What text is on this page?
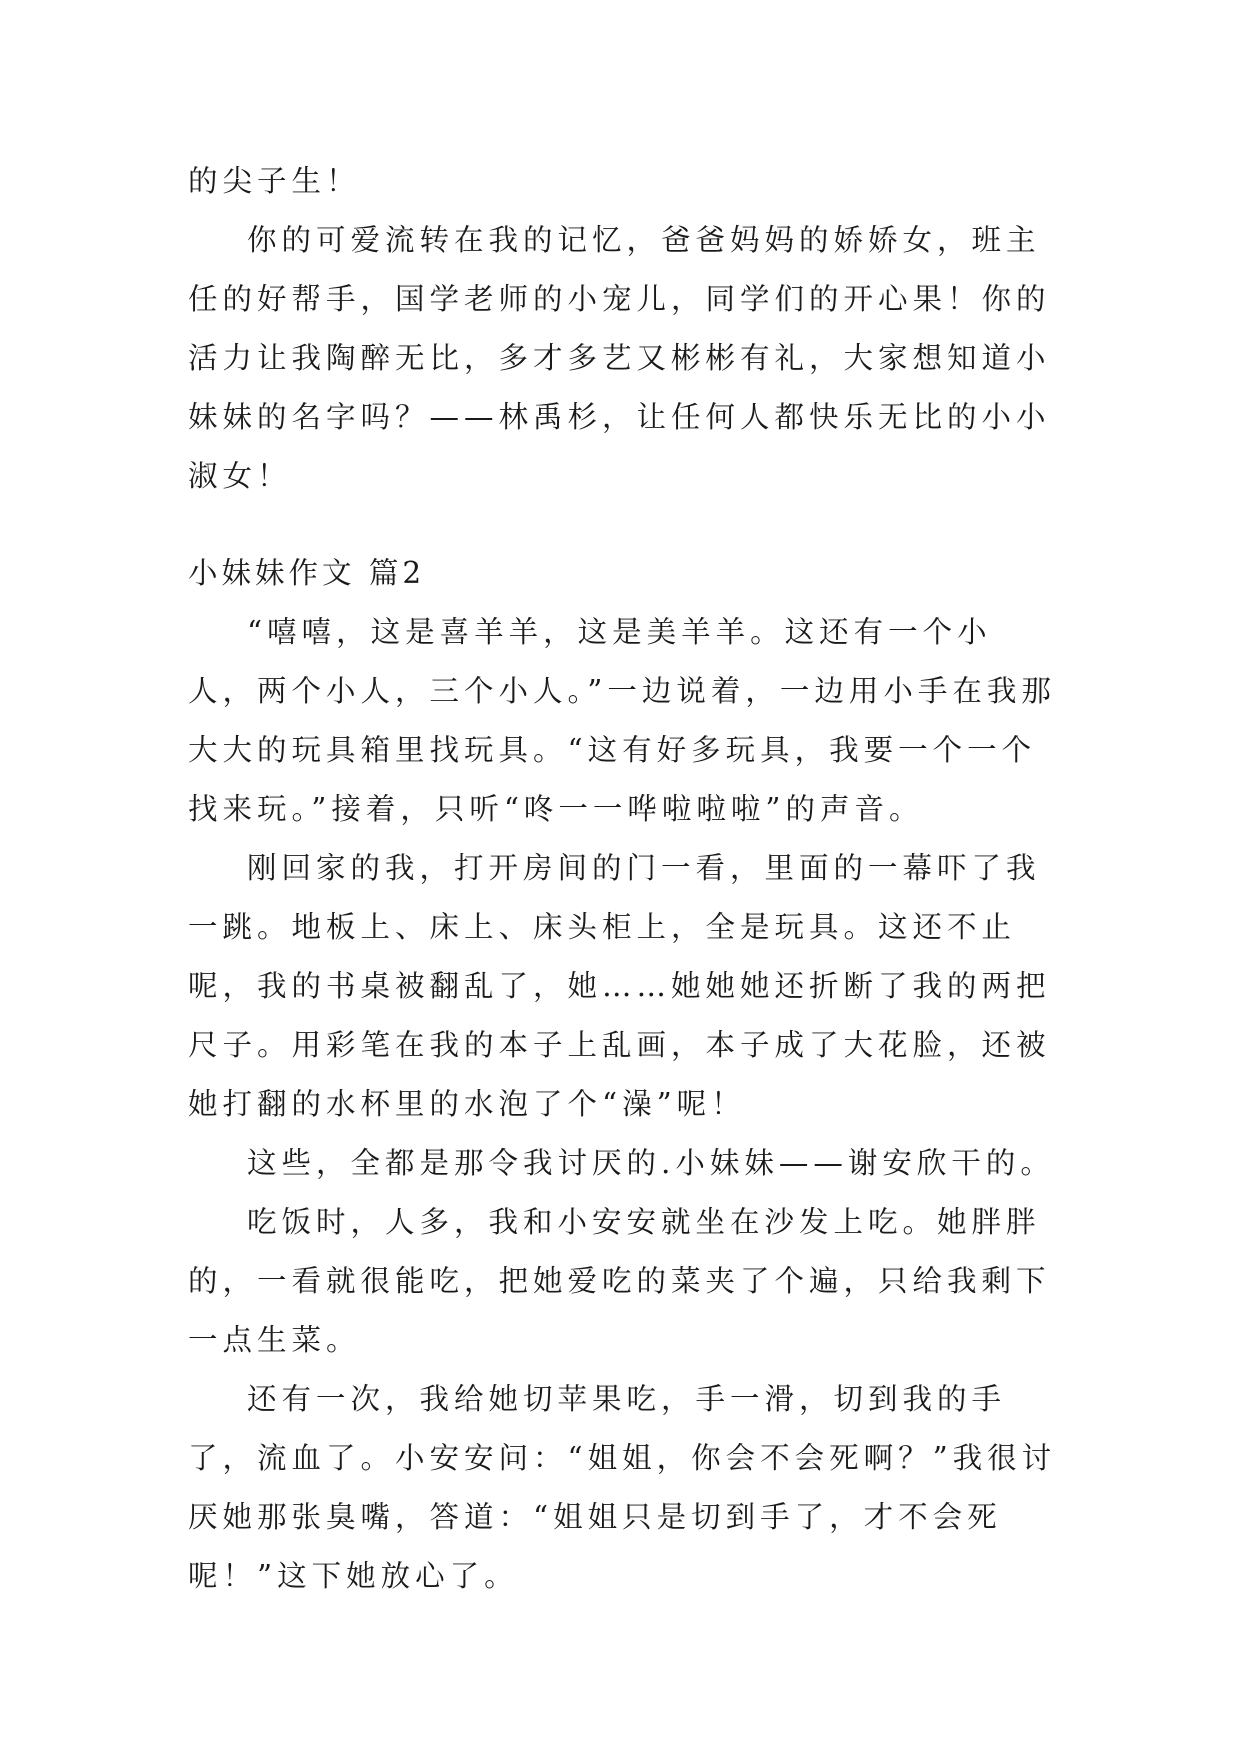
的尖子生！

你的可爱流转在我的记忆，爸爸妈妈的娇娇女，班主任的好帮手，国学老师的小宠儿，同学们的开心果！你的活力让我陶醉无比，多才多艺又彬彬有礼，大家想知道小妹妹的名字吗？——林禹杉，让任何人都快乐无比的小小淑女！

小妹妹作文 篇2

“嘻嘻，这是喜羊羊，这是美羊羊。这还有一个小人，两个小人，三个小人。”一边说着，一边用小手在我那大大的玩具箱里找玩具。“这有好多玩具，我要一个一个找来玩。”接着，只听“咚一一哗啦啦啦”的声音。

刚回家的我，打开房间的门一看，里面的一幕吓了我一跳。地板上、床上、床头柜上，全是玩具。这还不止呢，我的书桌被翻乱了，她……她她她还折断了我的两把尺子。用彩笔在我的本子上乱画，本子成了大花脸，还被她打翻的水杯里的水泡了个“澡”呢！

这些，全都是那令我讨厌的.小妹妹——谢安欣干的。

吃饭时，人多，我和小安安就坐在沙发上吃。她胖胖的，一看就很能吃，把她爱吃的菜夹了个遍，只给我剩下一点生菜。

还有一次，我给她切苹果吃，手一滑，切到我的手了，流血了。小安安问：“姐姐，你会不会死啊？”我很讨厌她那张臭嘴，答道：“姐姐只是切到手了，才不会死呢！”这下她放心了。
